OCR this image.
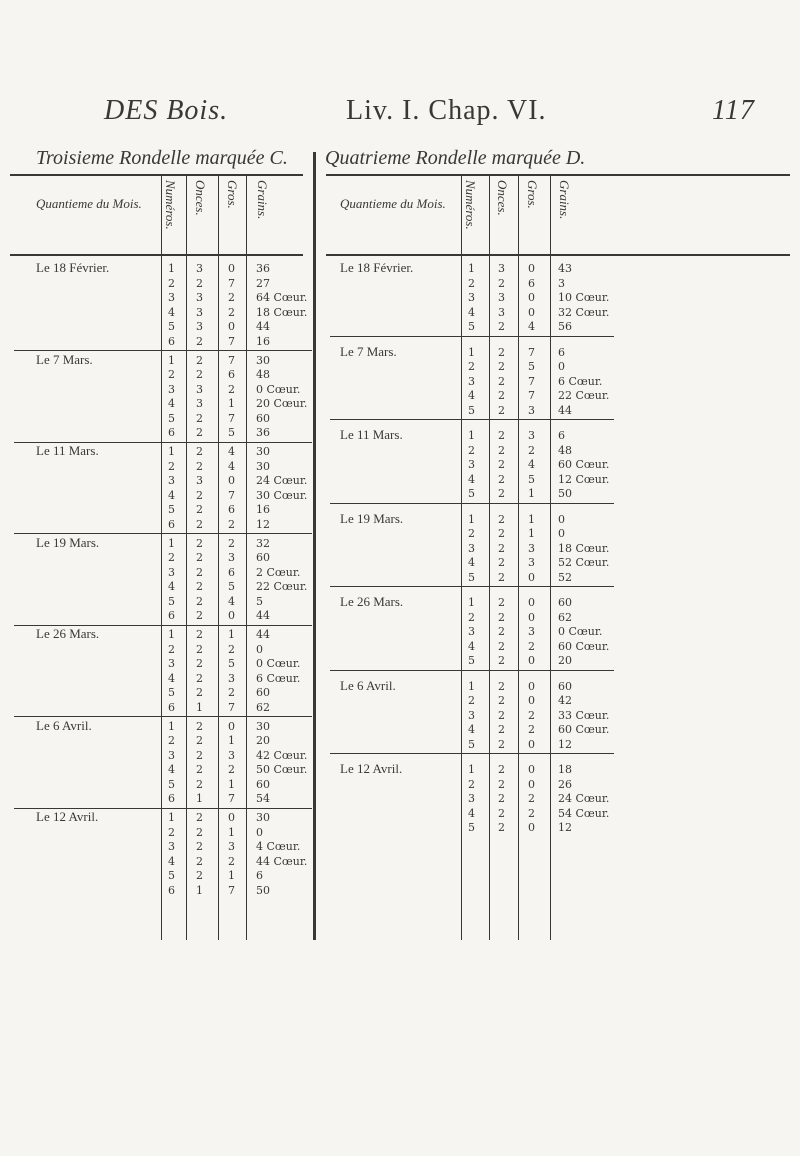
DES Bois.	Liv. I. Chap. VI.	117
Troisieme Rondelle marquée C. Quatrieme Rondelle marquée D.
Quantieme du Mois. Numéros. Onces. Gros. Grains.
Le 18 Février.	1 3 0 36
2 2 7 27
3 3 2 64 Cœur.
4 3 2 18 Cœur.
5 3 0 44
6 2 7 16
Le 7 Mars.	1 2 7 30
2 2 6 48
3 3 2 0 Cœur.
4 3 1 20 Cœur.
5 2 7 60
6 2 5 36
Le 11 Mars.	1 2 4 30
2 2 4 30
3 3 0 24 Cœur.
4 2 7 30 Cœur.
5 2 6 16
6 2 2 12
Le 19 Mars.	1 2 2 32
2 2 3 60
3 2 6 2 Cœur.
4 2 5 22 Cœur.
5 2 4 5
6 2 0 44
Le 26 Mars.	1 2 1 44
2 2 2 0
3 2 5 0 Cœur.
4 2 3 6 Cœur.
5 2 2 60
6 1 7 62
Le 6 Avril.	1 2 0 30
2 2 1 20
3 2 3 42 Cœur.
4 2 2 50 Cœur.
5 2 1 60
6 1 7 54
Le 12 Avril.	1 2 0 30
2 2 1 0
3 2 3 4 Cœur.
4 2 2 44 Cœur.
5 2 1 6
6 1 7 50
Quantieme du Mois. Numéros. Onces. Gros. Grains.
Le 18 Février.	1 3 0 43
2 2 6 3
3 3 0 10 Cœur.
4 3 0 32 Cœur.
5 2 4 56
Le 7 Mars.	1 2 7 6
2 2 5 0
3 2 7 6 Cœur.
4 2 7 22 Cœur.
5 2 3 44
Le 11 Mars.	1 2 3 6
2 2 2 48
3 2 4 60 Cœur.
4 2 5 12 Cœur.
5 2 1 50
Le 19 Mars.	1 2 1 0
2 2 1 0
3 2 3 18 Cœur.
4 2 3 52 Cœur.
5 2 0 52
Le 26 Mars.	1 2 0 60
2 2 0 62
3 2 3 0 Cœur.
4 2 2 60 Cœur.
5 2 0 20
Le 6 Avril.	1 2 0 60
2 2 0 42
3 2 2 33 Cœur.
4 2 2 60 Cœur.
5 2 0 12
Le 12 Avril.	1 2 0 18
2 2 0 26
3 2 2 24 Cœur.
4 2 2 54 Cœur.
5 2 0 12
